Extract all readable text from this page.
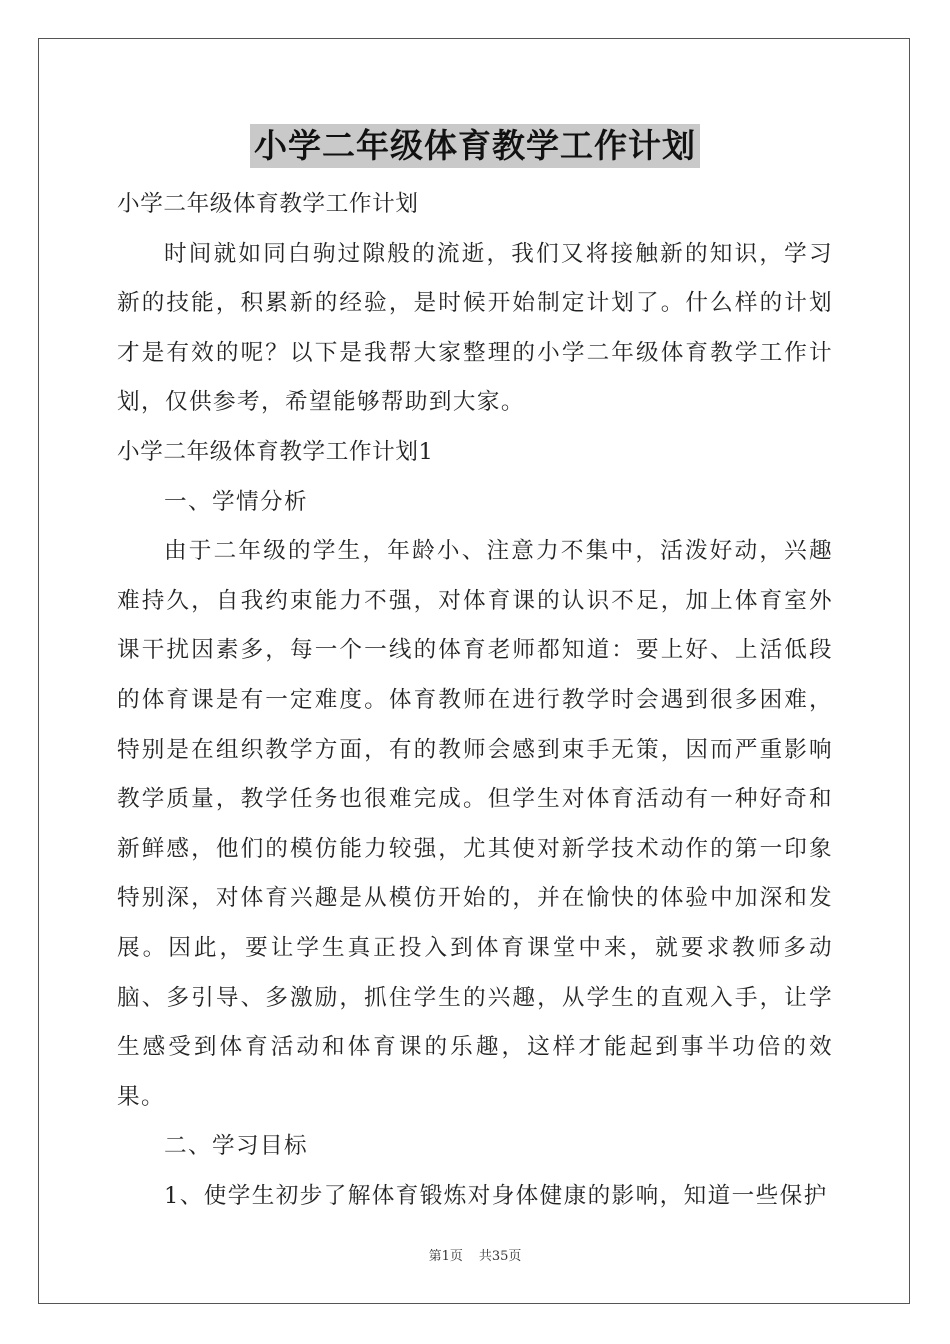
小学二年级体育教学工作计划

小学二年级体育教学工作计划

时间就如同白驹过隙般的流逝，我们又将接触新的知识，学习新的技能，积累新的经验，是时候开始制定计划了。什么样的计划才是有效的呢？以下是我帮大家整理的小学二年级体育教学工作计划，仅供参考，希望能够帮助到大家。

小学二年级体育教学工作计划1

一、学情分析

由于二年级的学生，年龄小、注意力不集中，活泼好动，兴趣难持久，自我约束能力不强，对体育课的认识不足，加上体育室外课干扰因素多，每一个一线的体育老师都知道：要上好、上活低段的体育课是有一定难度。体育教师在进行教学时会遇到很多困难，特别是在组织教学方面，有的教师会感到束手无策，因而严重影响教学质量，教学任务也很难完成。但学生对体育活动有一种好奇和新鲜感，他们的模仿能力较强，尤其使对新学技术动作的第一印象特别深，对体育兴趣是从模仿开始的，并在愉快的体验中加深和发展。因此，要让学生真正投入到体育课堂中来，就要求教师多动脑、多引导、多激励，抓住学生的兴趣，从学生的直观入手，让学生感受到体育活动和体育课的乐趣，这样才能起到事半功倍的效果。

二、学习目标

1、使学生初步了解体育锻炼对身体健康的影响，知道一些保护

第1页 共35页
